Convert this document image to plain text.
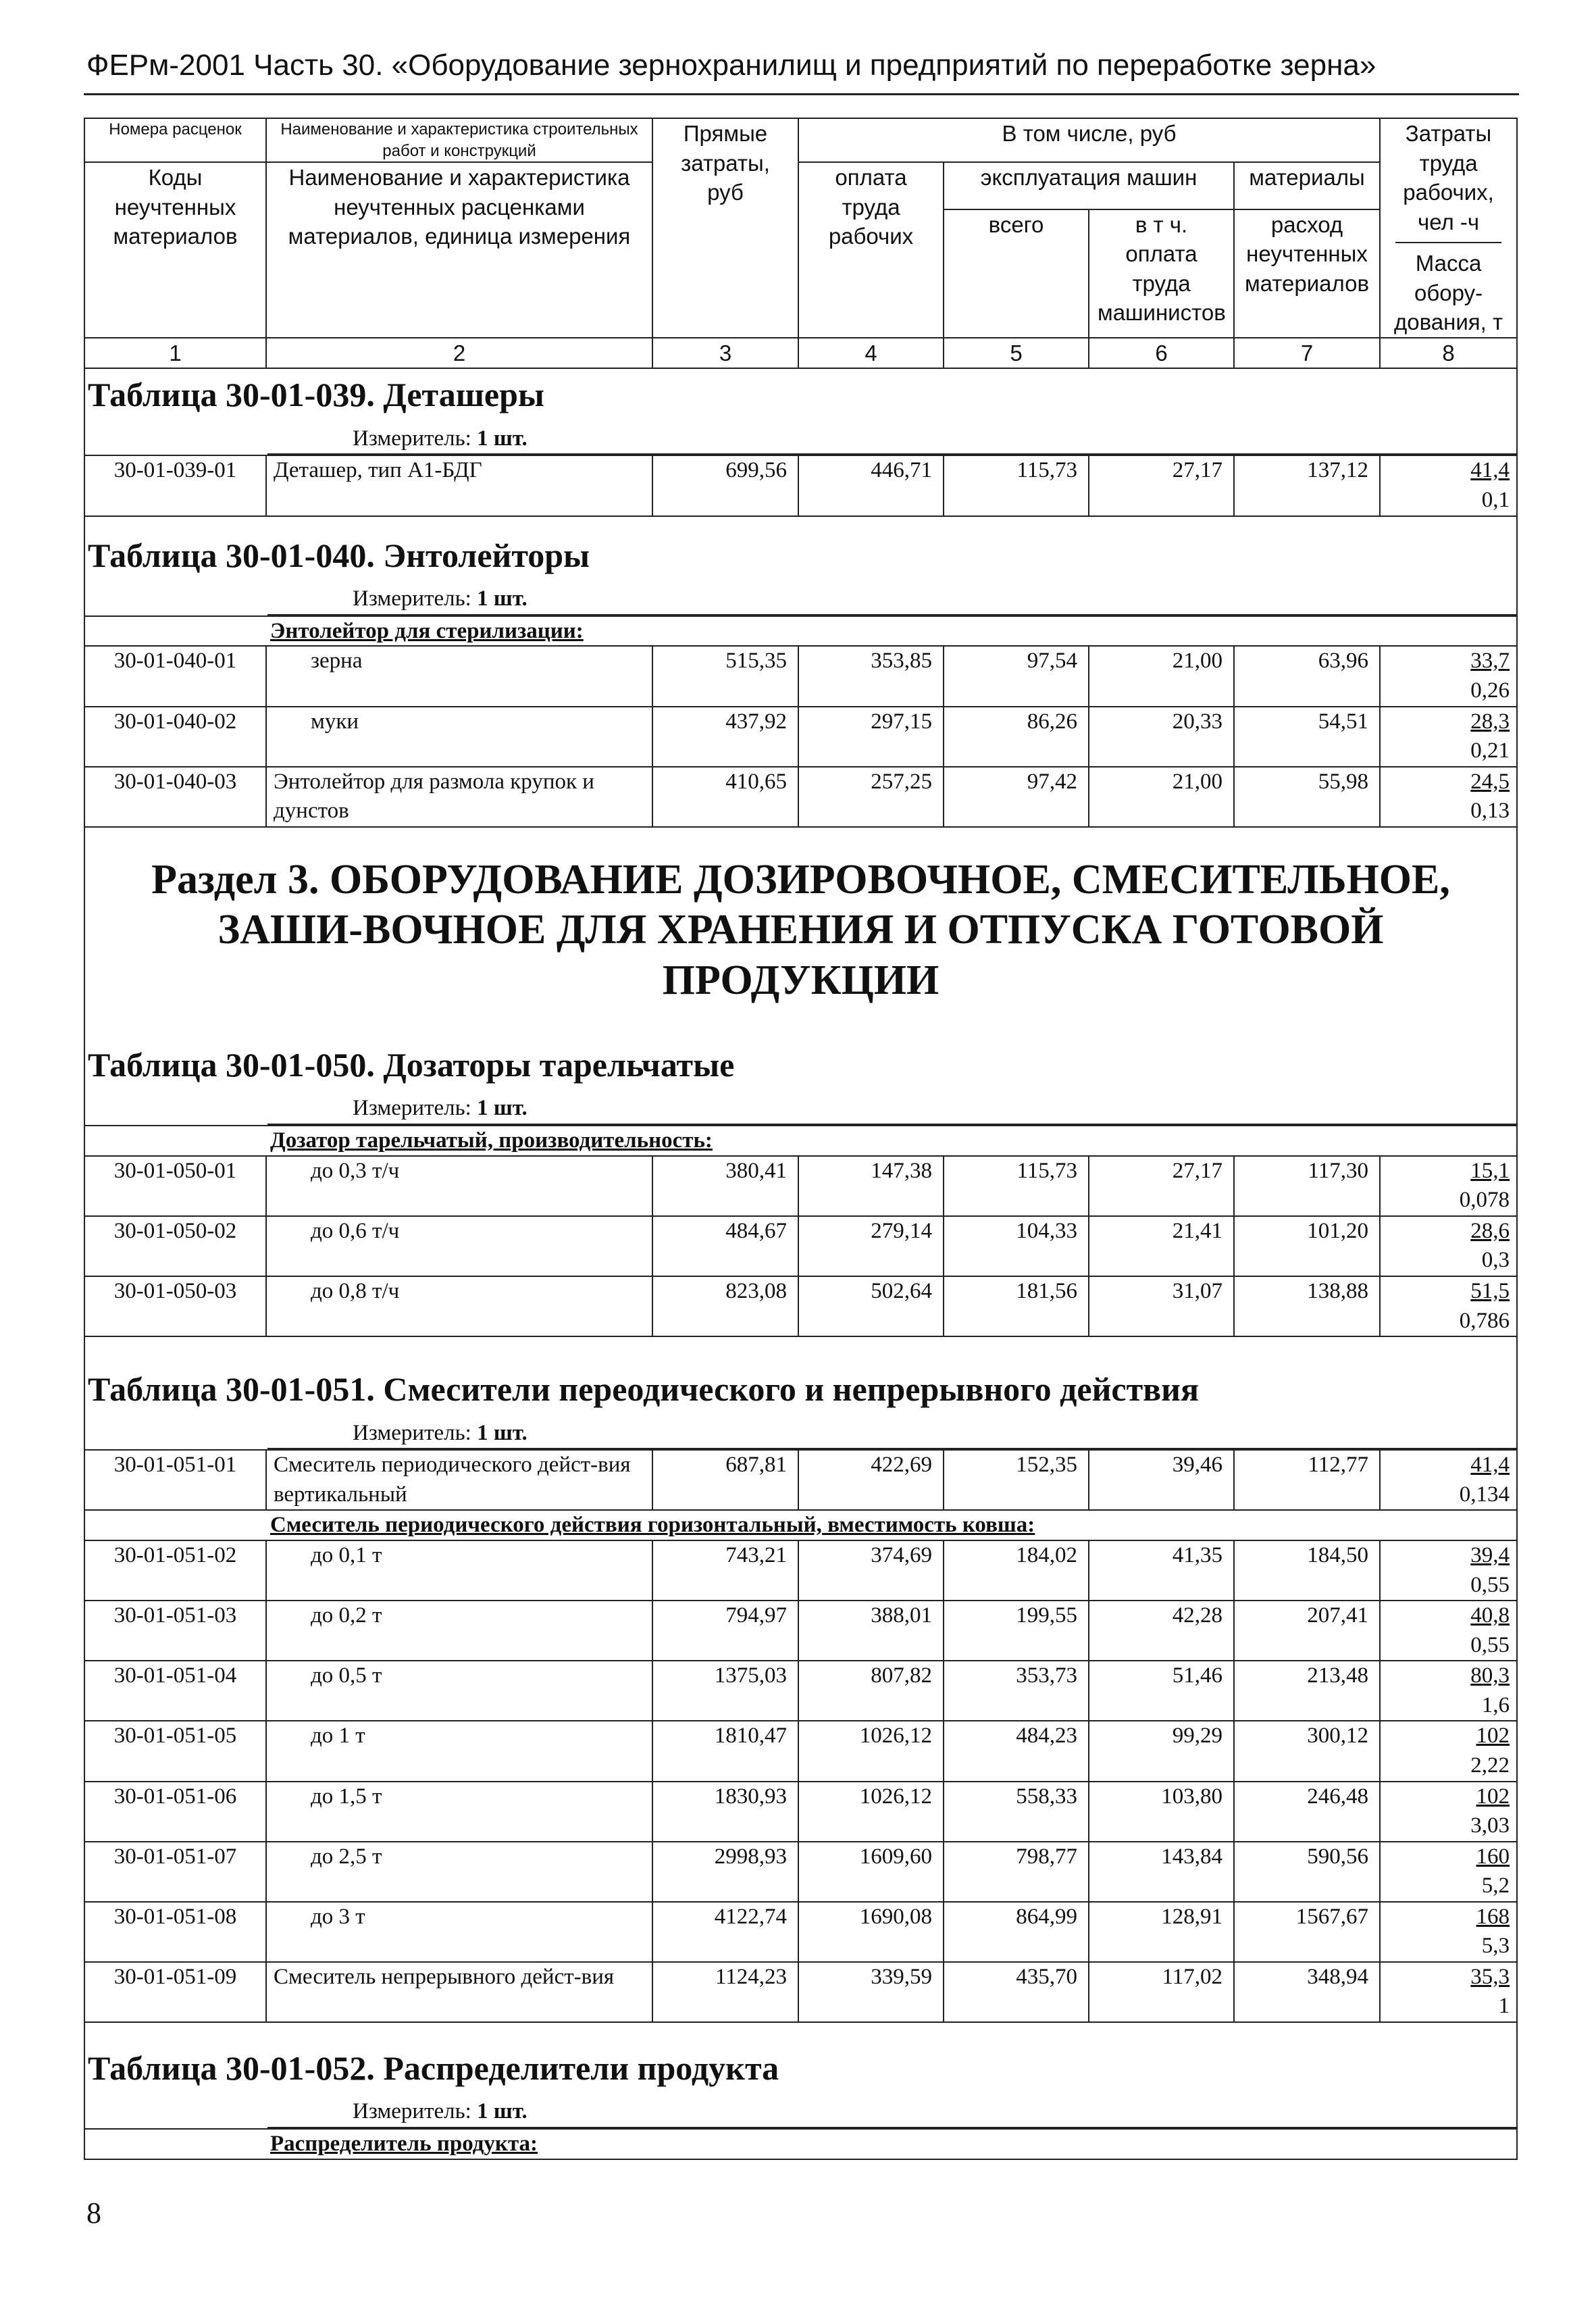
ФЕРм-2001 Часть 30. «Оборудование зернохранилищ и предприятий по переработке зерна»
Номера расценок	Наименование и характеристика строительных работ и конструкций	Прямые затраты, руб	В том числе, руб				Затраты труда рабочих, чел -ч
Масса обору-дования, т

Коды неучтенных материалов	Наименование и характеристика неучтенных расценками материалов, единица измерения		оплата труда рабочих	эксплуатация машин		материалы	
				всего	в т ч. оплата труда машинистов	расход неучтенных материалов	
1	2	3	4	5	6	7	8
Таблица 30-01-039. Деташеры							

Измеритель: 1 шт.							

30-01-039-01	Деташер, тип А1-БДГ	699,56	446,71	115,73	27,17	137,12	41,4
0,1

Таблица 30-01-040. Энтолейторы							

Измеритель: 1 шт.							

Энтолейтор для стерилизации:							
30-01-040-01	зерна	515,35	353,85	97,54	21,00	63,96	33,7
0,26

30-01-040-02	муки	437,92	297,15	86,26	20,33	54,51	28,3
0,21

30-01-040-03	Энтолейтор для размола крупок и дунстов	410,65	257,25	97,42	21,00	55,98	24,5
0,13

Раздел 3. ОБОРУДОВАНИЕ ДОЗИРОВОЧНОЕ, СМЕСИТЕЛЬНОЕ, ЗАШИ-ВОЧНОЕ ДЛЯ ХРАНЕНИЯ И ОТПУСКА ГОТОВОЙ ПРОДУКЦИИ							
Таблица 30-01-050. Дозаторы тарельчатые							

Измеритель: 1 шт.							

Дозатор тарельчатый, производительность:							
30-01-050-01	до 0,3 т/ч	380,41	147,38	115,73	27,17	117,30	15,1
0,078

30-01-050-02	до 0,6 т/ч	484,67	279,14	104,33	21,41	101,20	28,6
0,3

30-01-050-03	до 0,8 т/ч	823,08	502,64	181,56	31,07	138,88	51,5
0,786

Таблица 30-01-051. Смесители переодического и непрерывного действия							

Измеритель: 1 шт.							

30-01-051-01	Смеситель периодического дейст-вия вертикальный	687,81	422,69	152,35	39,46	112,77	41,4
0,134

Смеситель периодического действия горизонтальный, вместимость ковша:							
30-01-051-02	до 0,1 т	743,21	374,69	184,02	41,35	184,50	39,4
0,55

30-01-051-03	до 0,2 т	794,97	388,01	199,55	42,28	207,41	40,8
0,55

30-01-051-04	до 0,5 т	1375,03	807,82	353,73	51,46	213,48	80,3
1,6

30-01-051-05	до 1 т	1810,47	1026,12	484,23	99,29	300,12	102
2,22

30-01-051-06	до 1,5 т	1830,93	1026,12	558,33	103,80	246,48	102
3,03

30-01-051-07	до 2,5 т	2998,93	1609,60	798,77	143,84	590,56	160
5,2

30-01-051-08	до 3 т	4122,74	1690,08	864,99	128,91	1567,67	168
5,3

30-01-051-09	Смеситель непрерывного дейст-вия	1124,23	339,59	435,70	117,02	348,94	35,3
1

Таблица 30-01-052. Распределители продукта							

Измеритель: 1 шт.							

Распределитель продукта:							
8
